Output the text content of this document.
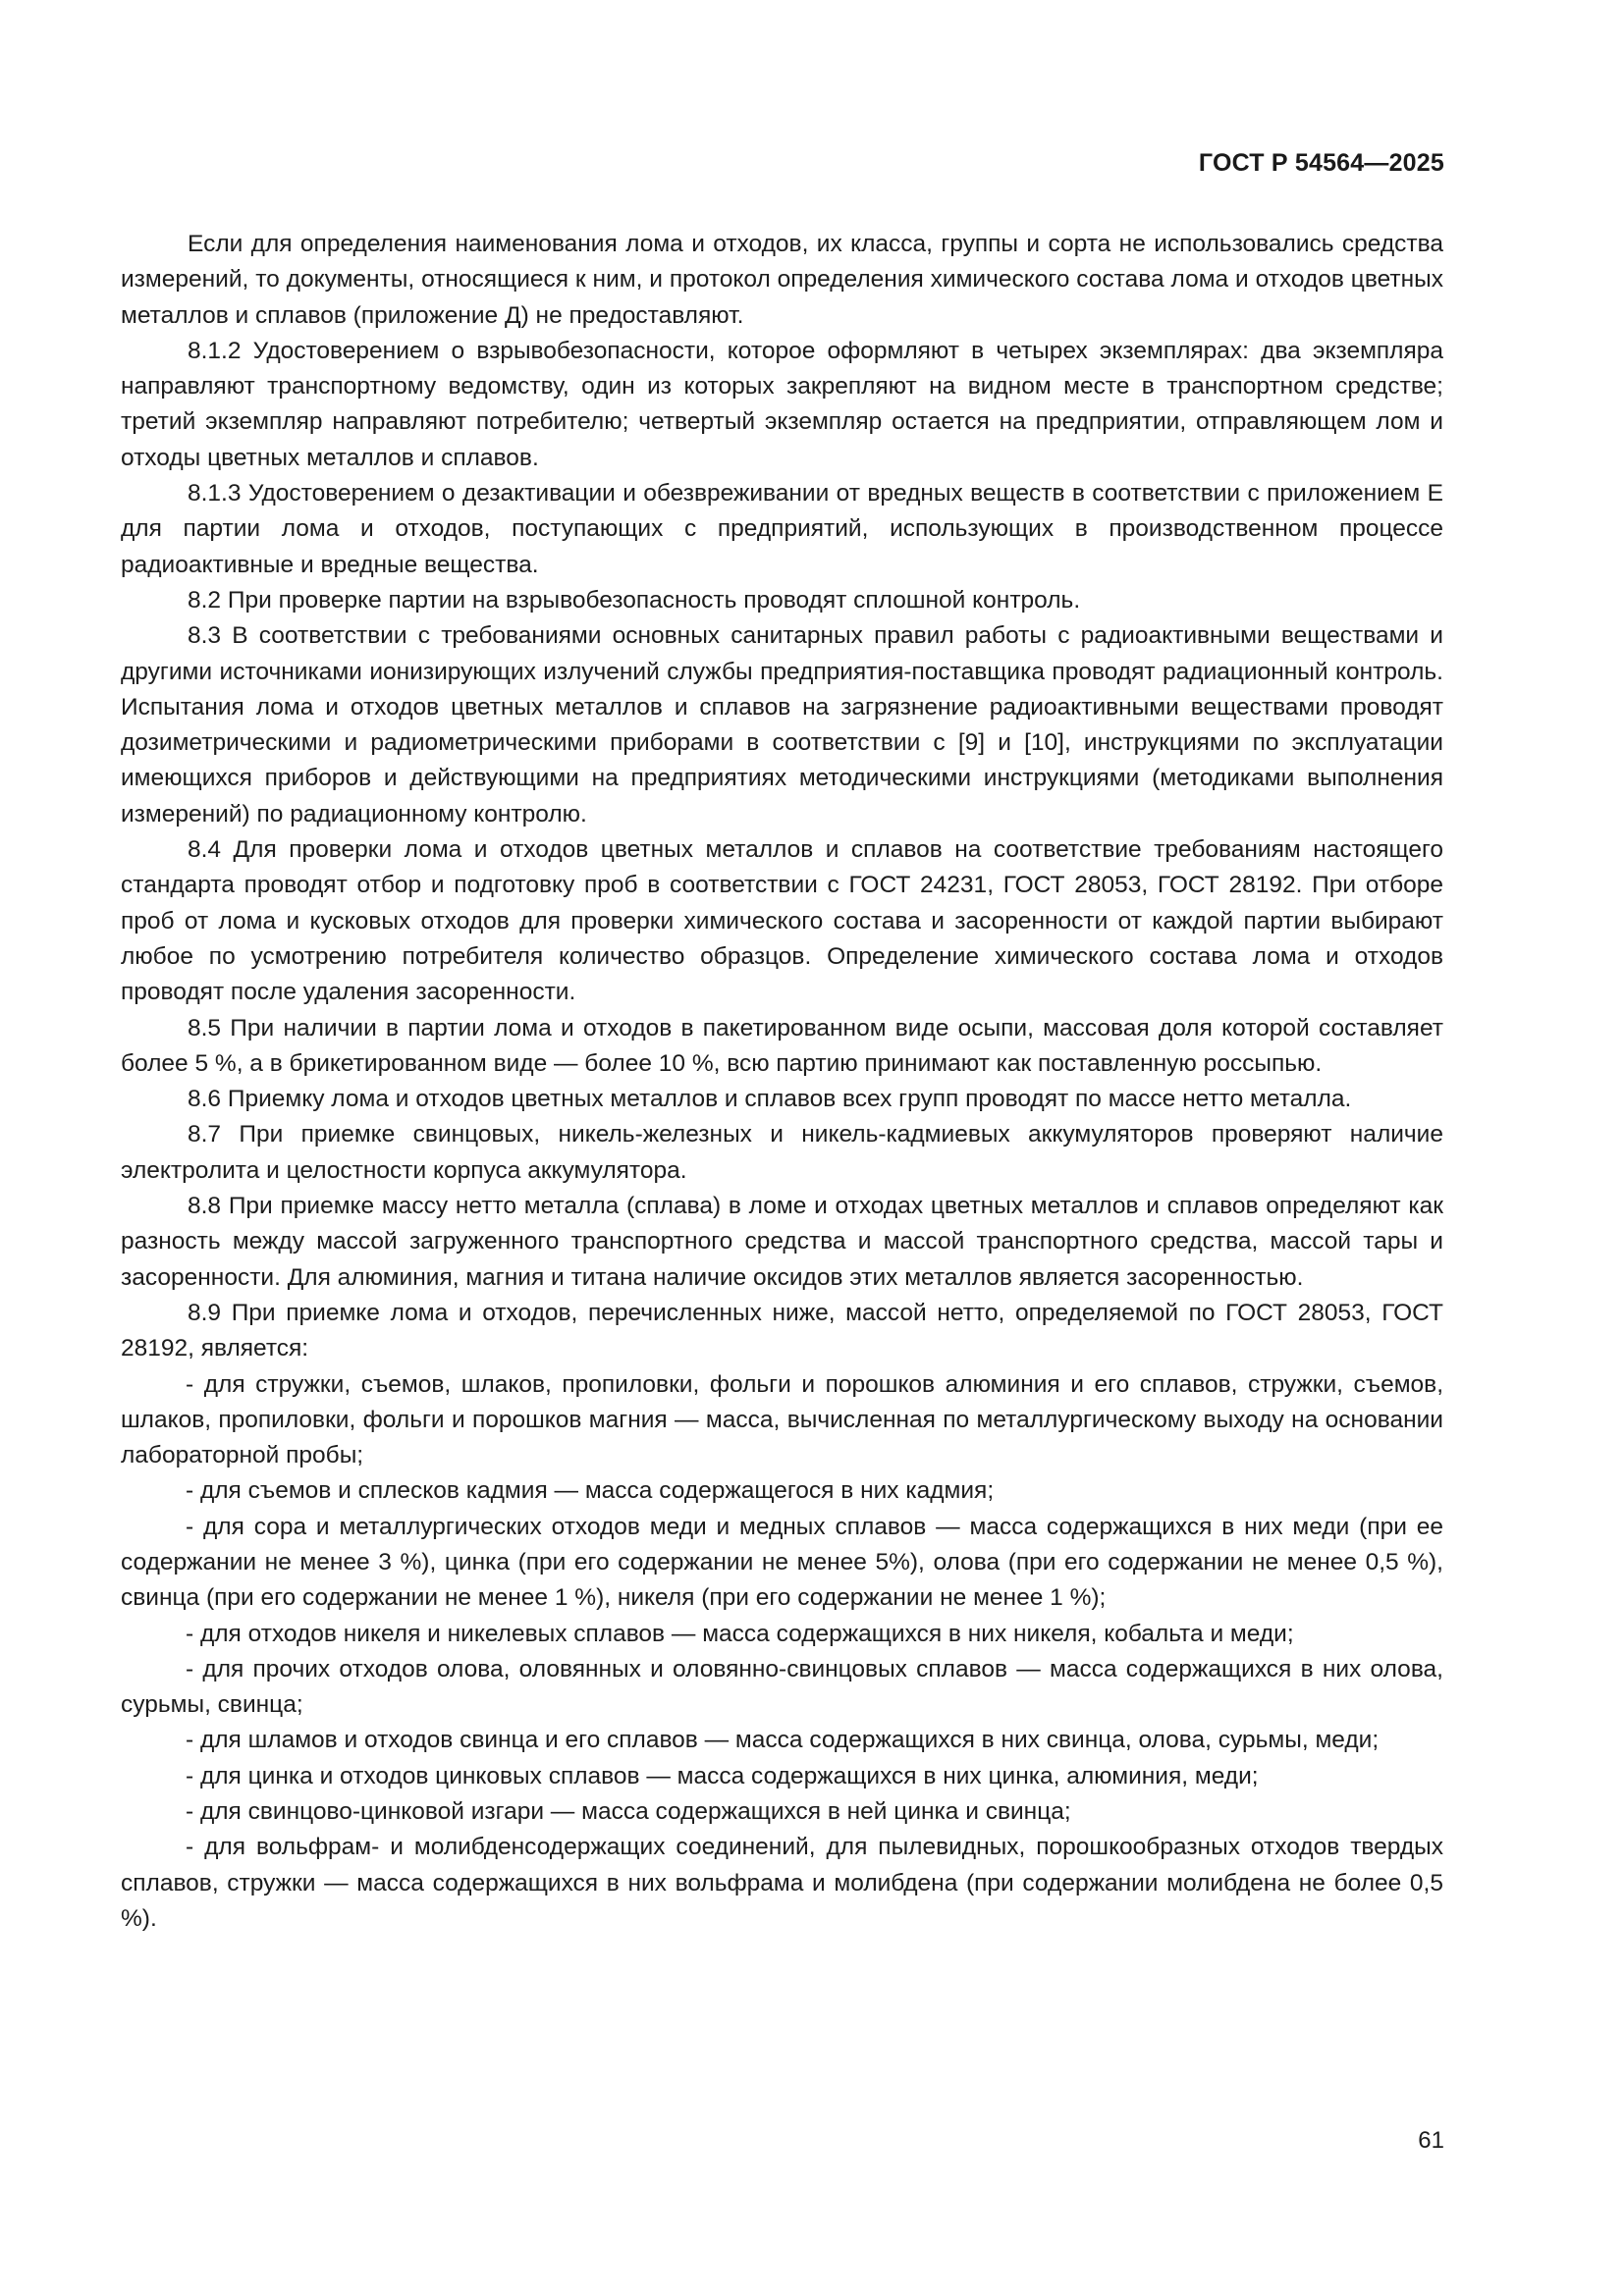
ГОСТ Р 54564—2025

Если для определения наименования лома и отходов, их класса, группы и сорта не использовались средства измерений, то документы, относящиеся к ним, и протокол определения химического состава лома и отходов цветных металлов и сплавов (приложение Д) не предоставляют.

8.1.2 Удостоверением о взрывобезопасности, которое оформляют в четырех экземплярах: два экземпляра направляют транспортному ведомству, один из которых закрепляют на видном месте в транспортном средстве; третий экземпляр направляют потребителю; четвертый экземпляр остается на предприятии, отправляющем лом и отходы цветных металлов и сплавов.

8.1.3 Удостоверением о дезактивации и обезвреживании от вредных веществ в соответствии с приложением Е для партии лома и отходов, поступающих с предприятий, использующих в производственном процессе радиоактивные и вредные вещества.

8.2 При проверке партии на взрывобезопасность проводят сплошной контроль.

8.3 В соответствии с требованиями основных санитарных правил работы с радиоактивными веществами и другими источниками ионизирующих излучений службы предприятия-поставщика проводят радиационный контроль. Испытания лома и отходов цветных металлов и сплавов на загрязнение радиоактивными веществами проводят дозиметрическими и радиометрическими приборами в соответствии с [9] и [10], инструкциями по эксплуатации имеющихся приборов и действующими на предприятиях методическими инструкциями (методиками выполнения измерений) по радиационному контролю.

8.4 Для проверки лома и отходов цветных металлов и сплавов на соответствие требованиям настоящего стандарта проводят отбор и подготовку проб в соответствии с ГОСТ 24231, ГОСТ 28053, ГОСТ 28192. При отборе проб от лома и кусковых отходов для проверки химического состава и засоренности от каждой партии выбирают любое по усмотрению потребителя количество образцов. Определение химического состава лома и отходов проводят после удаления засоренности.

8.5 При наличии в партии лома и отходов в пакетированном виде осыпи, массовая доля которой составляет более 5 %, а в брикетированном виде — более 10 %, всю партию принимают как поставленную россыпью.

8.6 Приемку лома и отходов цветных металлов и сплавов всех групп проводят по массе нетто металла.

8.7 При приемке свинцовых, никель-железных и никель-кадмиевых аккумуляторов проверяют наличие электролита и целостности корпуса аккумулятора.

8.8 При приемке массу нетто металла (сплава) в ломе и отходах цветных металлов и сплавов определяют как разность между массой загруженного транспортного средства и массой транспортного средства, массой тары и засоренности. Для алюминия, магния и титана наличие оксидов этих металлов является засоренностью.

8.9 При приемке лома и отходов, перечисленных ниже, массой нетто, определяемой по ГОСТ 28053, ГОСТ 28192, является:

- для стружки, съемов, шлаков, пропиловки, фольги и порошков алюминия и его сплавов, стружки, съемов, шлаков, пропиловки, фольги и порошков магния — масса, вычисленная по металлургическому выходу на основании лабораторной пробы;

- для съемов и сплесков кадмия — масса содержащегося в них кадмия;

- для сора и металлургических отходов меди и медных сплавов — масса содержащихся в них меди (при ее содержании не менее 3 %), цинка (при его содержании не менее 5%), олова (при его содержании не менее 0,5 %), свинца (при его содержании не менее 1 %), никеля (при его содержании не менее 1 %);

- для отходов никеля и никелевых сплавов — масса содержащихся в них никеля, кобальта и меди;

- для прочих отходов олова, оловянных и оловянно-свинцовых сплавов — масса содержащихся в них олова, сурьмы, свинца;

- для шламов и отходов свинца и его сплавов — масса содержащихся в них свинца, олова, сурьмы, меди;

- для цинка и отходов цинковых сплавов — масса содержащихся в них цинка, алюминия, меди;

- для свинцово-цинковой изгари — масса содержащихся в ней цинка и свинца;

- для вольфрам- и молибденсодержащих соединений, для пылевидных, порошкообразных отходов твердых сплавов, стружки — масса содержащихся в них вольфрама и молибдена (при содержании молибдена не более 0,5 %).

61
